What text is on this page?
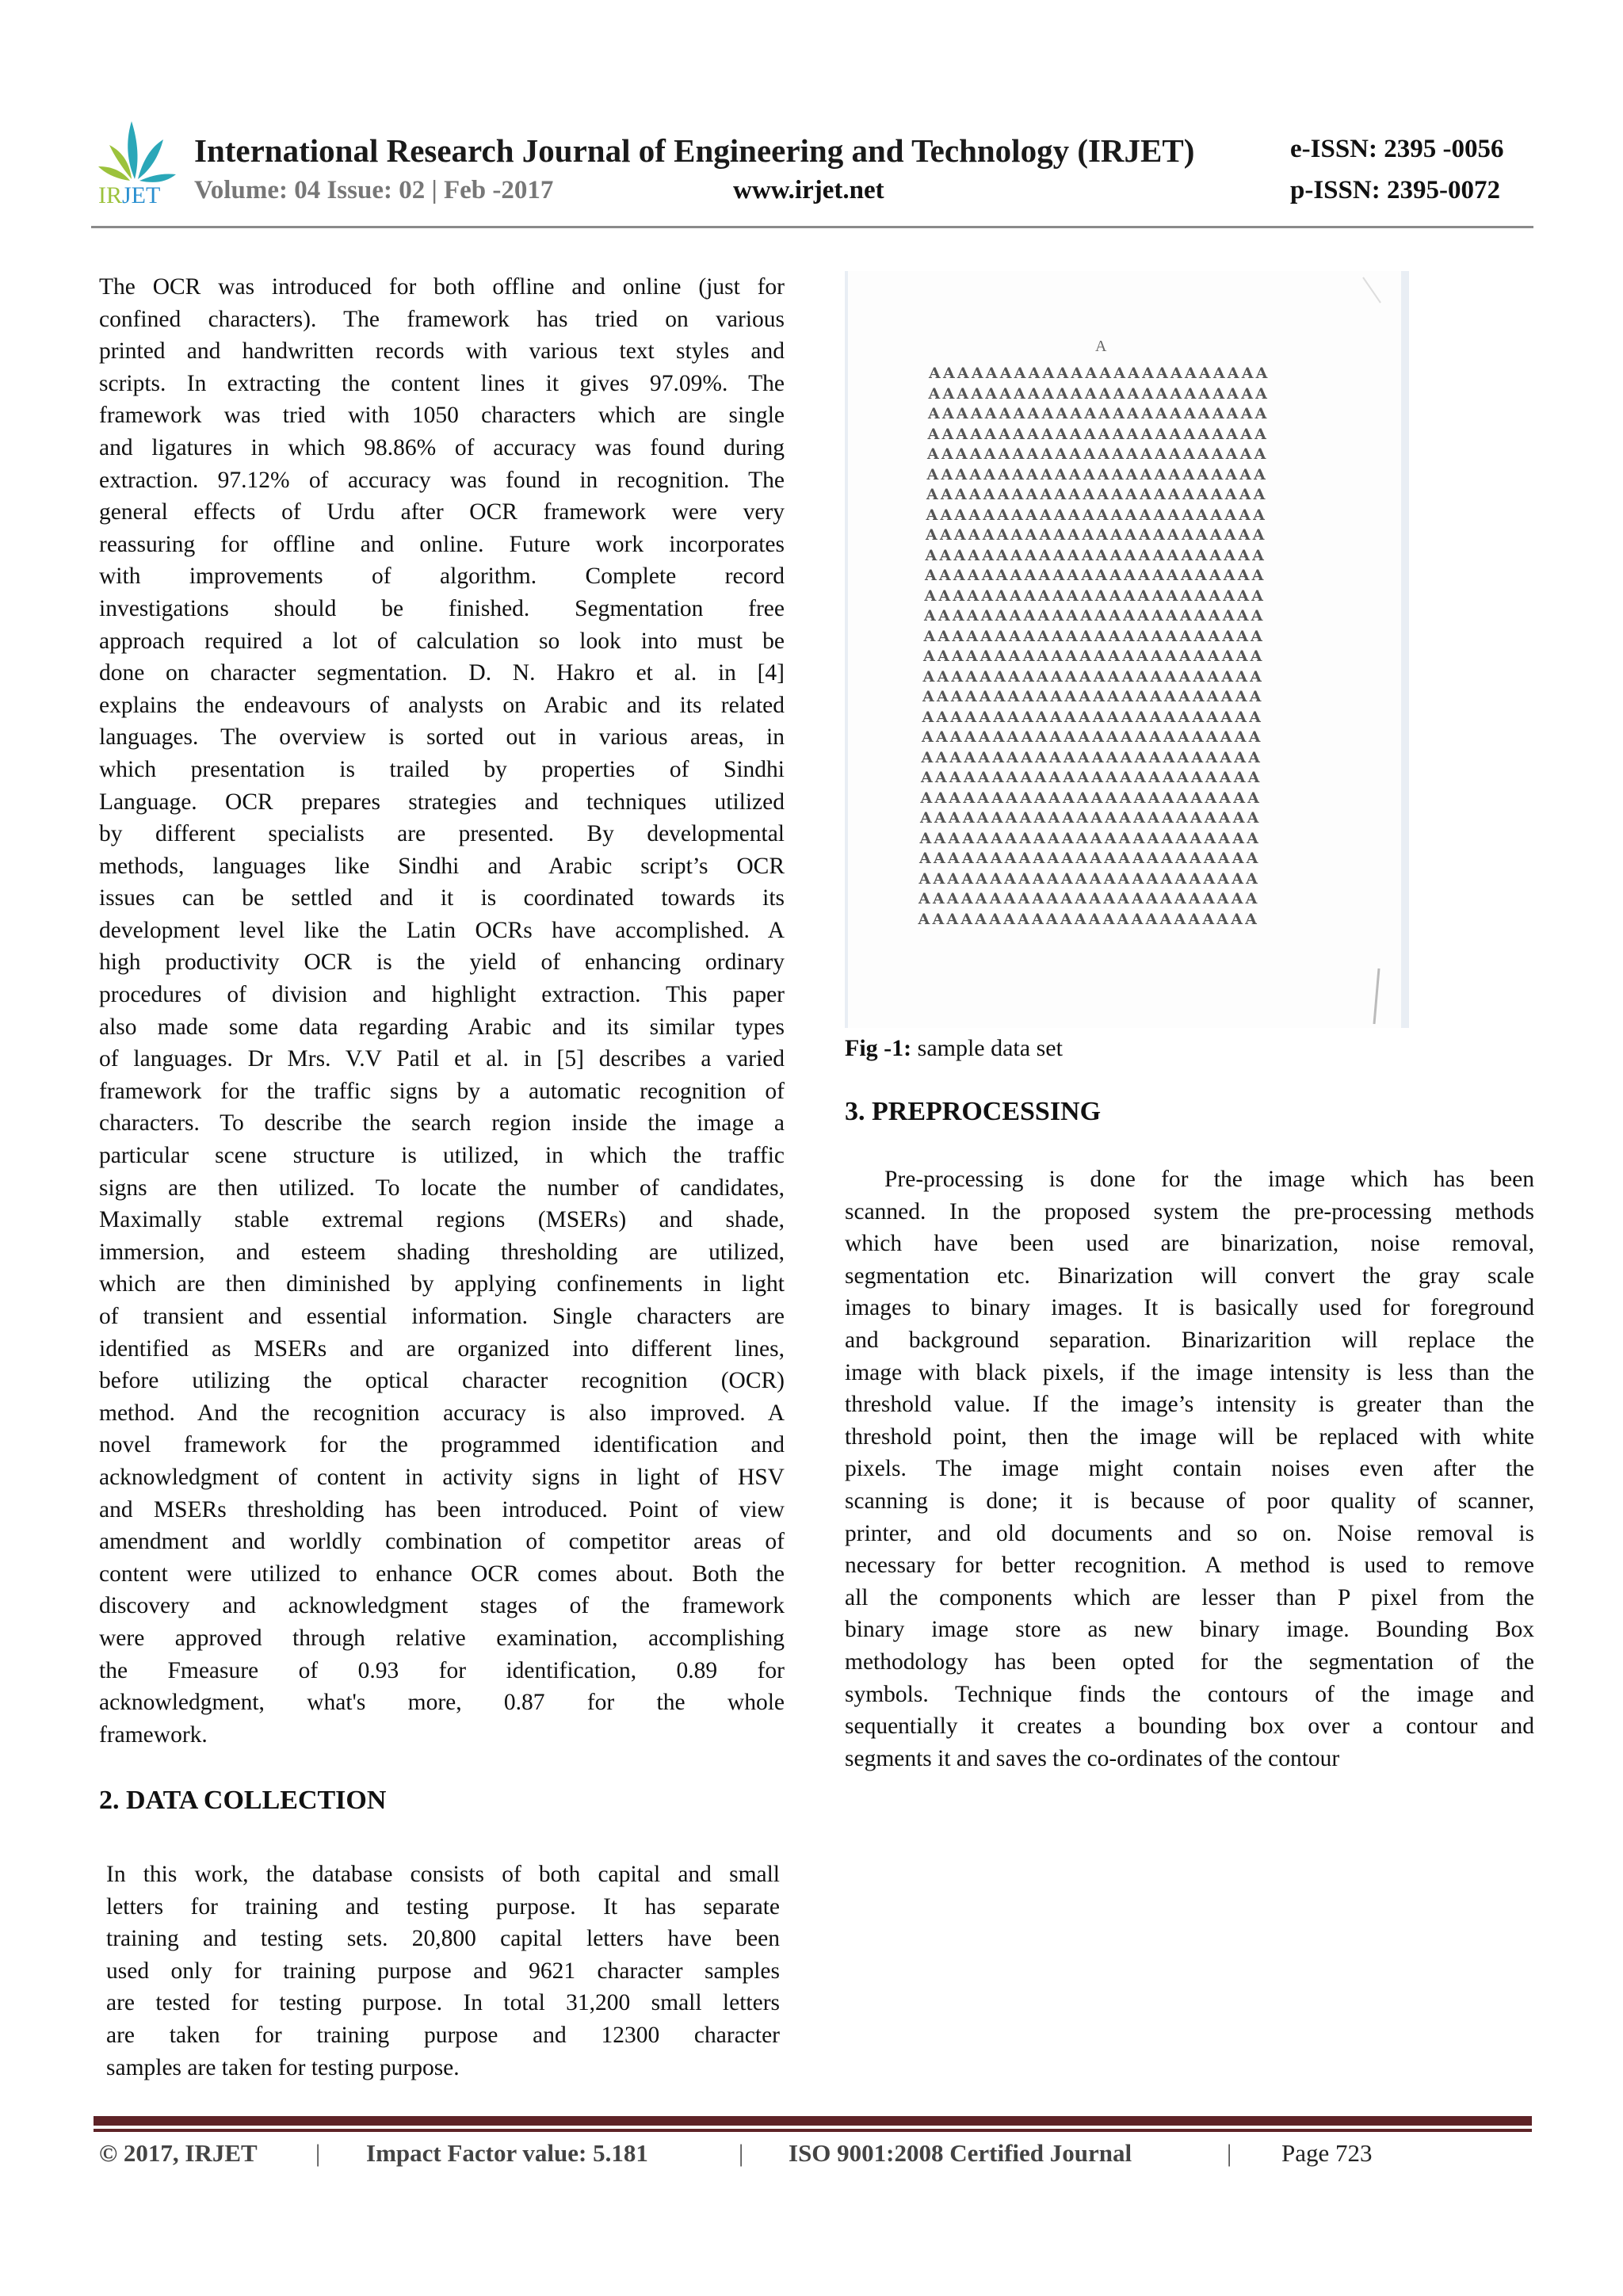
IRJET
International Research Journal of Engineering and Technology (IRJET)	e-ISSN: 2395 -0056
Volume: 04 Issue: 02 | Feb -2017	www.irjet.net	p-ISSN: 2395-0072
The OCR was introduced for both offline and online (just for
confined characters). The framework has tried on various
printed and handwritten records with various text styles and
scripts. In extracting the content lines it gives 97.09%. The
framework was tried with 1050 characters which are single
and ligatures in which 98.86% of accuracy was found during
extraction. 97.12% of accuracy was found in recognition. The
general effects of Urdu after OCR framework were very
reassuring for offline and online. Future work incorporates
with improvements of algorithm. Complete record
investigations should be finished. Segmentation free
approach required a lot of calculation so look into must be
done on character segmentation. D. N. Hakro et al. in [4]
explains the endeavours of analysts on Arabic and its related
languages. The overview is sorted out in various areas, in
which presentation is trailed by properties of Sindhi
Language. OCR prepares strategies and techniques utilized
by different specialists are presented. By developmental
methods, languages like Sindhi and Arabic script’s OCR
issues can be settled and it is coordinated towards its
development level like the Latin OCRs have accomplished. A
high productivity OCR is the yield of enhancing ordinary
procedures of division and highlight extraction. This paper
also made some data regarding Arabic and its similar types
of languages. Dr Mrs. V.V Patil et al. in [5] describes a varied
framework for the traffic signs by a automatic recognition of
characters. To describe the search region inside the image a
particular scene structure is utilized, in which the traffic
signs are then utilized. To locate the number of candidates,
Maximally stable extremal regions (MSERs) and shade,
immersion, and esteem shading thresholding are utilized,
which are then diminished by applying confinements in light
of transient and essential information. Single characters are
identified as MSERs and are organized into different lines,
before utilizing the optical character recognition (OCR)
method. And the recognition accuracy is also improved. A
novel framework for the programmed identification and
acknowledgment of content in activity signs in light of HSV
and MSERs thresholding has been introduced. Point of view
amendment and worldly combination of competitor areas of
content were utilized to enhance OCR comes about. Both the
discovery and acknowledgment stages of the framework
were approved through relative examination, accomplishing
the Fmeasure of 0.93 for identification, 0.89 for
acknowledgment, what's more, 0.87 for the whole
framework.
2. DATA COLLECTION
In this work, the database consists of both capital and small
letters for training and testing purpose. It has separate
training and testing sets. 20,800 capital letters have been
used only for training purpose and 9621 character samples
are tested for testing purpose. In total 31,200 small letters
are taken for training purpose and 12300 character
samples are taken for testing purpose.
A
AAAAAAAAAAAAAAAAAAAAAAAA
AAAAAAAAAAAAAAAAAAAAAAAA
AAAAAAAAAAAAAAAAAAAAAAAA
AAAAAAAAAAAAAAAAAAAAAAAA
AAAAAAAAAAAAAAAAAAAAAAAA
AAAAAAAAAAAAAAAAAAAAAAAA
AAAAAAAAAAAAAAAAAAAAAAAA
AAAAAAAAAAAAAAAAAAAAAAAA
AAAAAAAAAAAAAAAAAAAAAAAA
AAAAAAAAAAAAAAAAAAAAAAAA
AAAAAAAAAAAAAAAAAAAAAAAA
AAAAAAAAAAAAAAAAAAAAAAAA
AAAAAAAAAAAAAAAAAAAAAAAA
AAAAAAAAAAAAAAAAAAAAAAAA
AAAAAAAAAAAAAAAAAAAAAAAA
AAAAAAAAAAAAAAAAAAAAAAAA
AAAAAAAAAAAAAAAAAAAAAAAA
AAAAAAAAAAAAAAAAAAAAAAAA
AAAAAAAAAAAAAAAAAAAAAAAA
AAAAAAAAAAAAAAAAAAAAAAAA
AAAAAAAAAAAAAAAAAAAAAAAA
AAAAAAAAAAAAAAAAAAAAAAAA
AAAAAAAAAAAAAAAAAAAAAAAA
AAAAAAAAAAAAAAAAAAAAAAAA
AAAAAAAAAAAAAAAAAAAAAAAA
AAAAAAAAAAAAAAAAAAAAAAAA
AAAAAAAAAAAAAAAAAAAAAAAA
AAAAAAAAAAAAAAAAAAAAAAAA
Fig -1: sample data set
3. PREPROCESSING
Pre-processing is done for the image which has been
scanned. In the proposed system the pre-processing methods
which have been used are binarization, noise removal,
segmentation etc. Binarization will convert the gray scale
images to binary images. It is basically used for foreground
and background separation. Binarizarition will replace the
image with black pixels, if the image intensity is less than the
threshold value. If the image’s intensity is greater than the
threshold point, then the image will be replaced with white
pixels. The image might contain noises even after the
scanning is done; it is because of poor quality of scanner,
printer, and old documents and so on. Noise removal is
necessary for better recognition. A method is used to remove
all the components which are lesser than P pixel from the
binary image store as new binary image. Bounding Box
methodology has been opted for the segmentation of the
symbols. Technique finds the contours of the image and
sequentially it creates a bounding box over a contour and
segments it and saves the co-ordinates of the contour
© 2017, IRJET | Impact Factor value: 5.181	| ISO 9001:2008 Certified Journal	| Page 723
